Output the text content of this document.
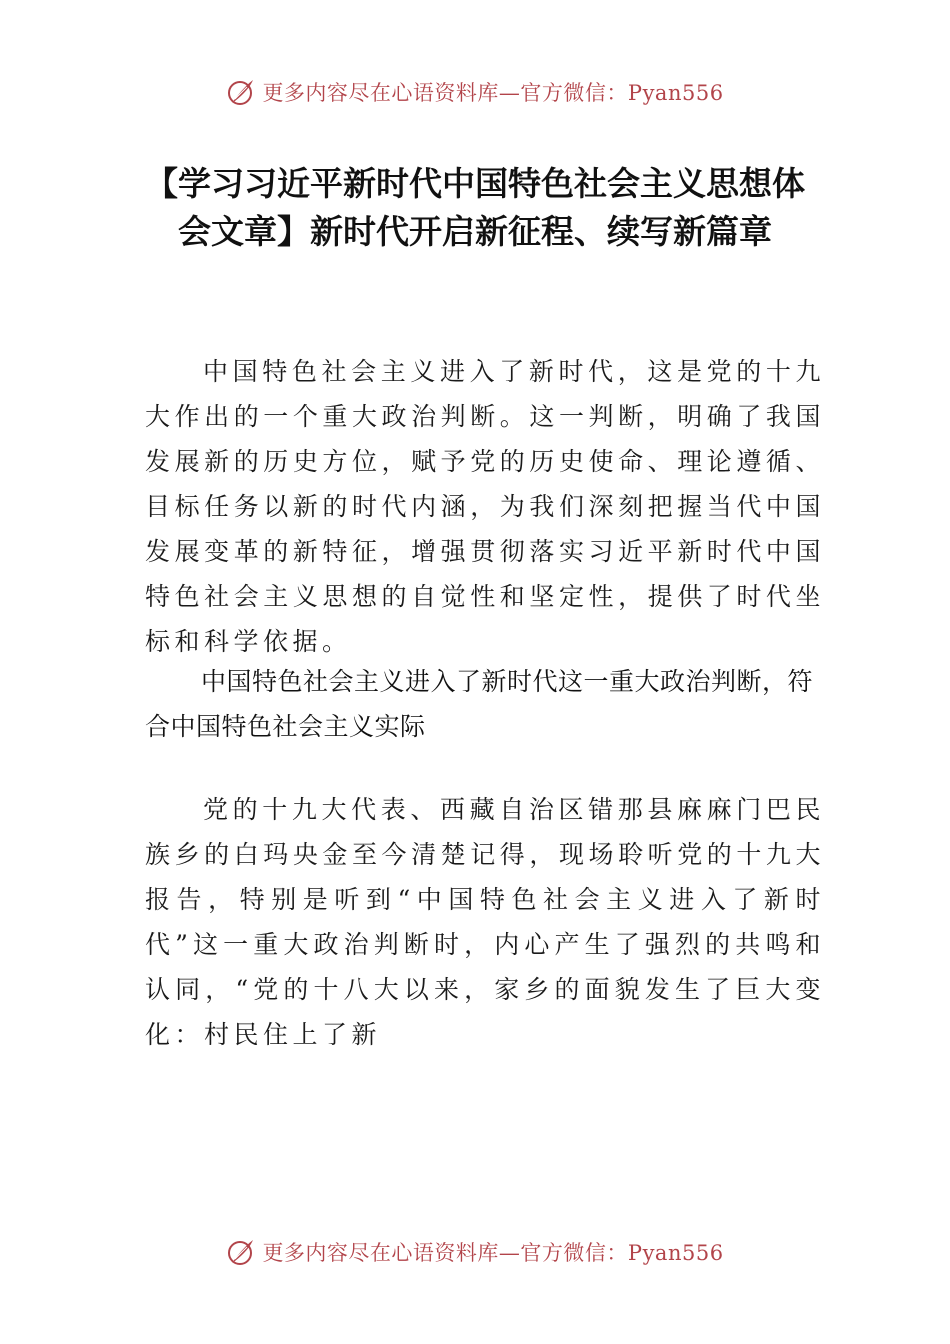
更多内容尽在心语资料库—官方微信：Pyan556
【学习习近平新时代中国特色社会主义思想体会文章】新时代开启新征程、续写新篇章

中国特色社会主义进入了新时代，这是党的十九大作出的一个重大政治判断。这一判断，明确了我国发展新的历史方位，赋予党的历史使命、理论遵循、目标任务以新的时代内涵，为我们深刻把握当代中国发展变革的新特征，增强贯彻落实习近平新时代中国特色社会主义思想的自觉性和坚定性，提供了时代坐标和科学依据。

中国特色社会主义进入了新时代这一重大政治判断，符合中国特色社会主义实际

党的十九大代表、西藏自治区错那县麻麻门巴民族乡的白玛央金至今清楚记得，现场聆听党的十九大报告，特别是听到“中国特色社会主义进入了新时代”这一重大政治判断时，内心产生了强烈的共鸣和认同，“党的十八大以来，家乡的面貌发生了巨大变化：村民住上了新

更多内容尽在心语资料库—官方微信：Pyan556
